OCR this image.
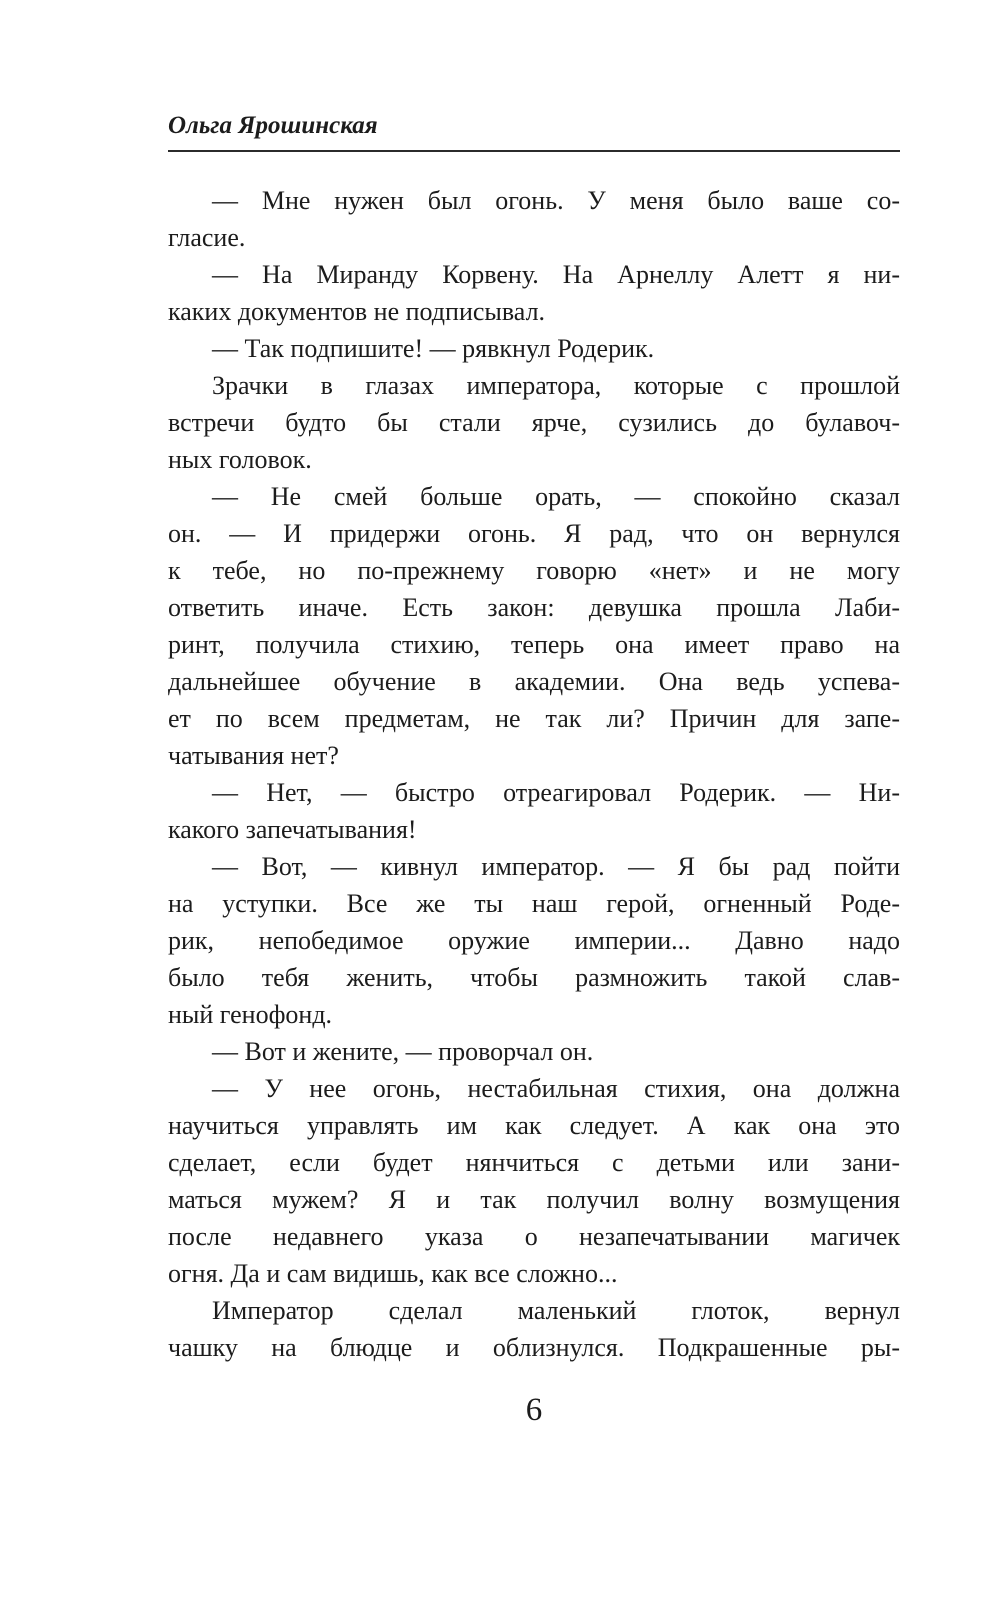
Ольга Ярошинская

— Мне нужен был огонь. У меня было ваше со-
гласие.

— На Миранду Корвену. На Арнеллу Алетт я ни-
каких документов не подписывал.

— Так подпишите! — рявкнул Родерик.

Зрачки в глазах императора, которые с прошлой
встречи будто бы стали ярче, сузились до булавоч-
ных головок.

— Не смей больше орать, — спокойно сказал
он. — И придержи огонь. Я рад, что он вернулся
к тебе, но по-прежнему говорю «нет» и не могу
ответить иначе. Есть закон: девушка прошла Лаби-
ринт, получила стихию, теперь она имеет право на
дальнейшее обучение в академии. Она ведь успева-
ет по всем предметам, не так ли? Причин для запе-
чатывания нет?

— Нет, — быстро отреагировал Родерик. — Ни-
какого запечатывания!

— Вот, — кивнул император. — Я бы рад пойти
на уступки. Все же ты наш герой, огненный Роде-
рик, непобедимое оружие империи... Давно надо
было тебя женить, чтобы размножить такой слав-
ный генофонд.

— Вот и жените, — проворчал он.

— У нее огонь, нестабильная стихия, она должна
научиться управлять им как следует. А как она это
сделает, если будет нянчиться с детьми или зани-
маться мужем? Я и так получил волну возмущения
после недавнего указа о незапечатывании магичек
огня. Да и сам видишь, как все сложно...

Император сделал маленький глоток, вернул
чашку на блюдце и облизнулся. Подкрашенные ры-

6
